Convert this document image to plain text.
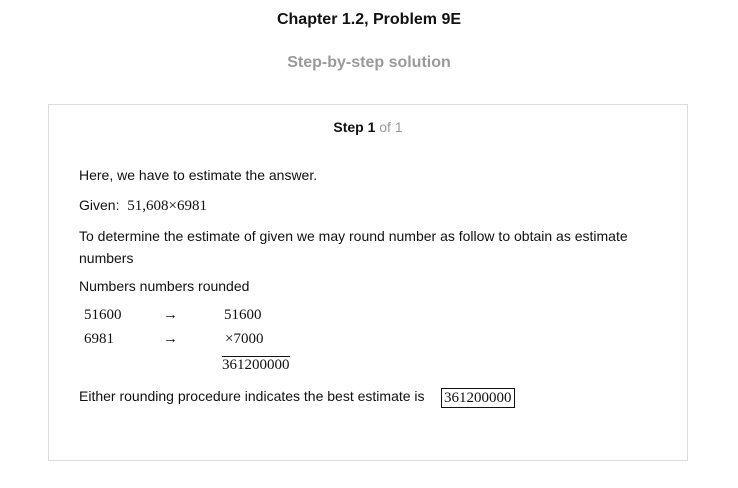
Chapter 1.2, Problem 9E
Step-by-step solution
Step 1 of 1
Here, we have to estimate the answer.
Given: 51,608×6981
To determine the estimate of given we may round number as follow to obtain as estimate numbers
Numbers numbers rounded
51600	→	51600
6981	→	×7000
361200000
Either rounding procedure indicates the best estimate is 361200000
